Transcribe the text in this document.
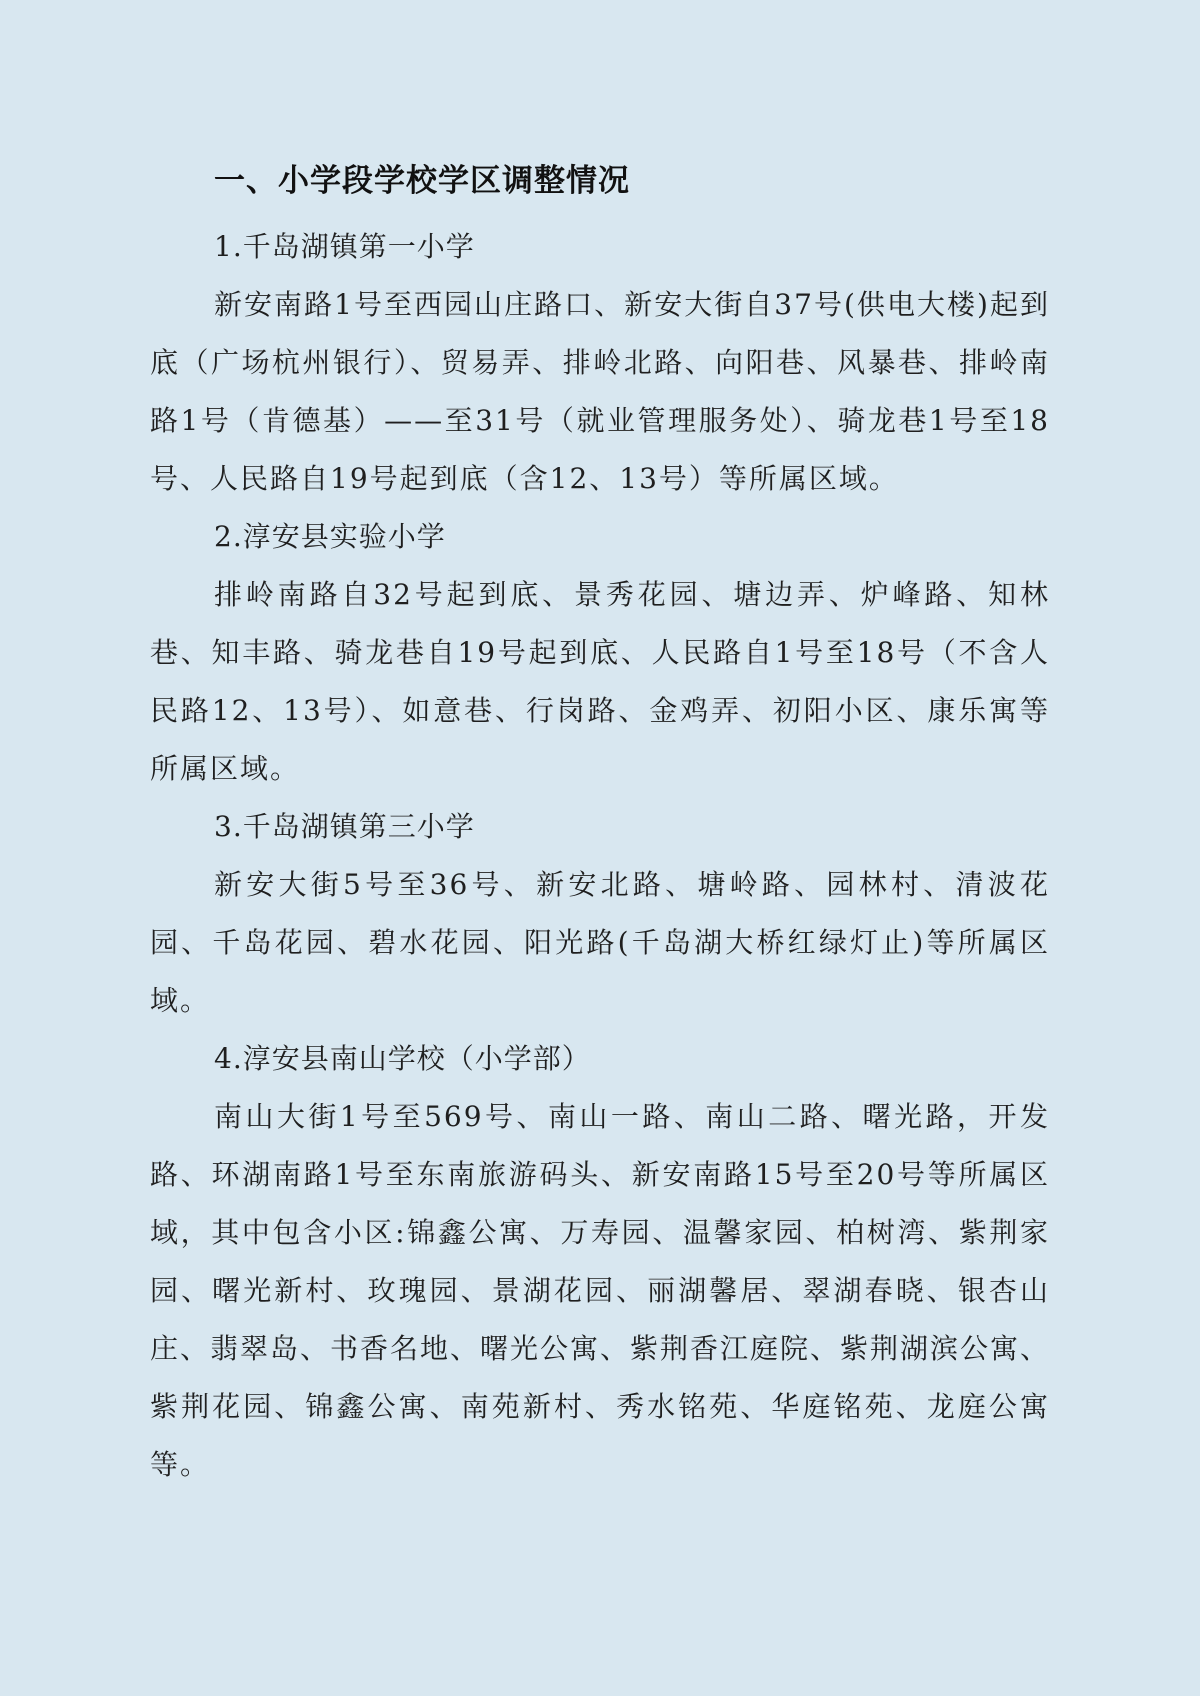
一、小学段学校学区调整情况
1.千岛湖镇第一小学

新安南路1号至西园山庄路口、新安大街自37号(供电大楼)起到底（广场杭州银行）、贸易弄、排岭北路、向阳巷、风暴巷、排岭南路1号（肯德基）——至31号（就业管理服务处）、骑龙巷1号至18号、人民路自19号起到底（含12、13号）等所属区域。

2.淳安县实验小学

排岭南路自32号起到底、景秀花园、塘边弄、炉峰路、知林巷、知丰路、骑龙巷自19号起到底、人民路自1号至18号（不含人民路12、13号）、如意巷、行岗路、金鸡弄、初阳小区、康乐寓等所属区域。

3.千岛湖镇第三小学

新安大街5号至36号、新安北路、塘岭路、园林村、清波花园、千岛花园、碧水花园、阳光路(千岛湖大桥红绿灯止)等所属区域。

4.淳安县南山学校（小学部）

南山大街1号至569号、南山一路、南山二路、曙光路，开发路、环湖南路1号至东南旅游码头、新安南路15号至20号等所属区域，其中包含小区:锦鑫公寓、万寿园、温馨家园、柏树湾、紫荆家园、曙光新村、玫瑰园、景湖花园、丽湖馨居、翠湖春晓、银杏山庄、翡翠岛、书香名地、曙光公寓、紫荆香江庭院、紫荆湖滨公寓、紫荆花园、锦鑫公寓、南苑新村、秀水铭苑、华庭铭苑、龙庭公寓等。
